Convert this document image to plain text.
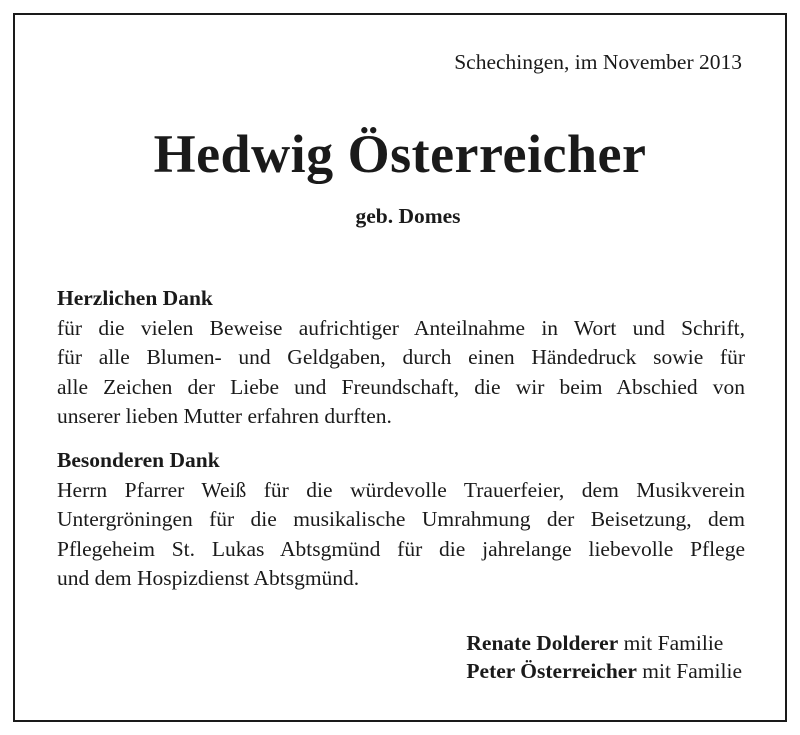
Schechingen, im November 2013
Hedwig Österreicher
geb. Domes
Herzlichen Dank
für die vielen Beweise aufrichtiger Anteilnahme in Wort und Schrift,
für alle Blumen- und Geldgaben, durch einen Händedruck sowie für
alle Zeichen der Liebe und Freundschaft, die wir beim Abschied von
unserer lieben Mutter erfahren durften.
Besonderen Dank
Herrn Pfarrer Weiß für die würdevolle Trauerfeier, dem Musikverein
Untergröningen für die musikalische Umrahmung der Beisetzung, dem
Pflegeheim St. Lukas Abtsgmünd für die jahrelange liebevolle Pflege
und dem Hospizdienst Abtsgmünd.
Renate Dolderer mit Familie
Peter Österreicher mit Familie
